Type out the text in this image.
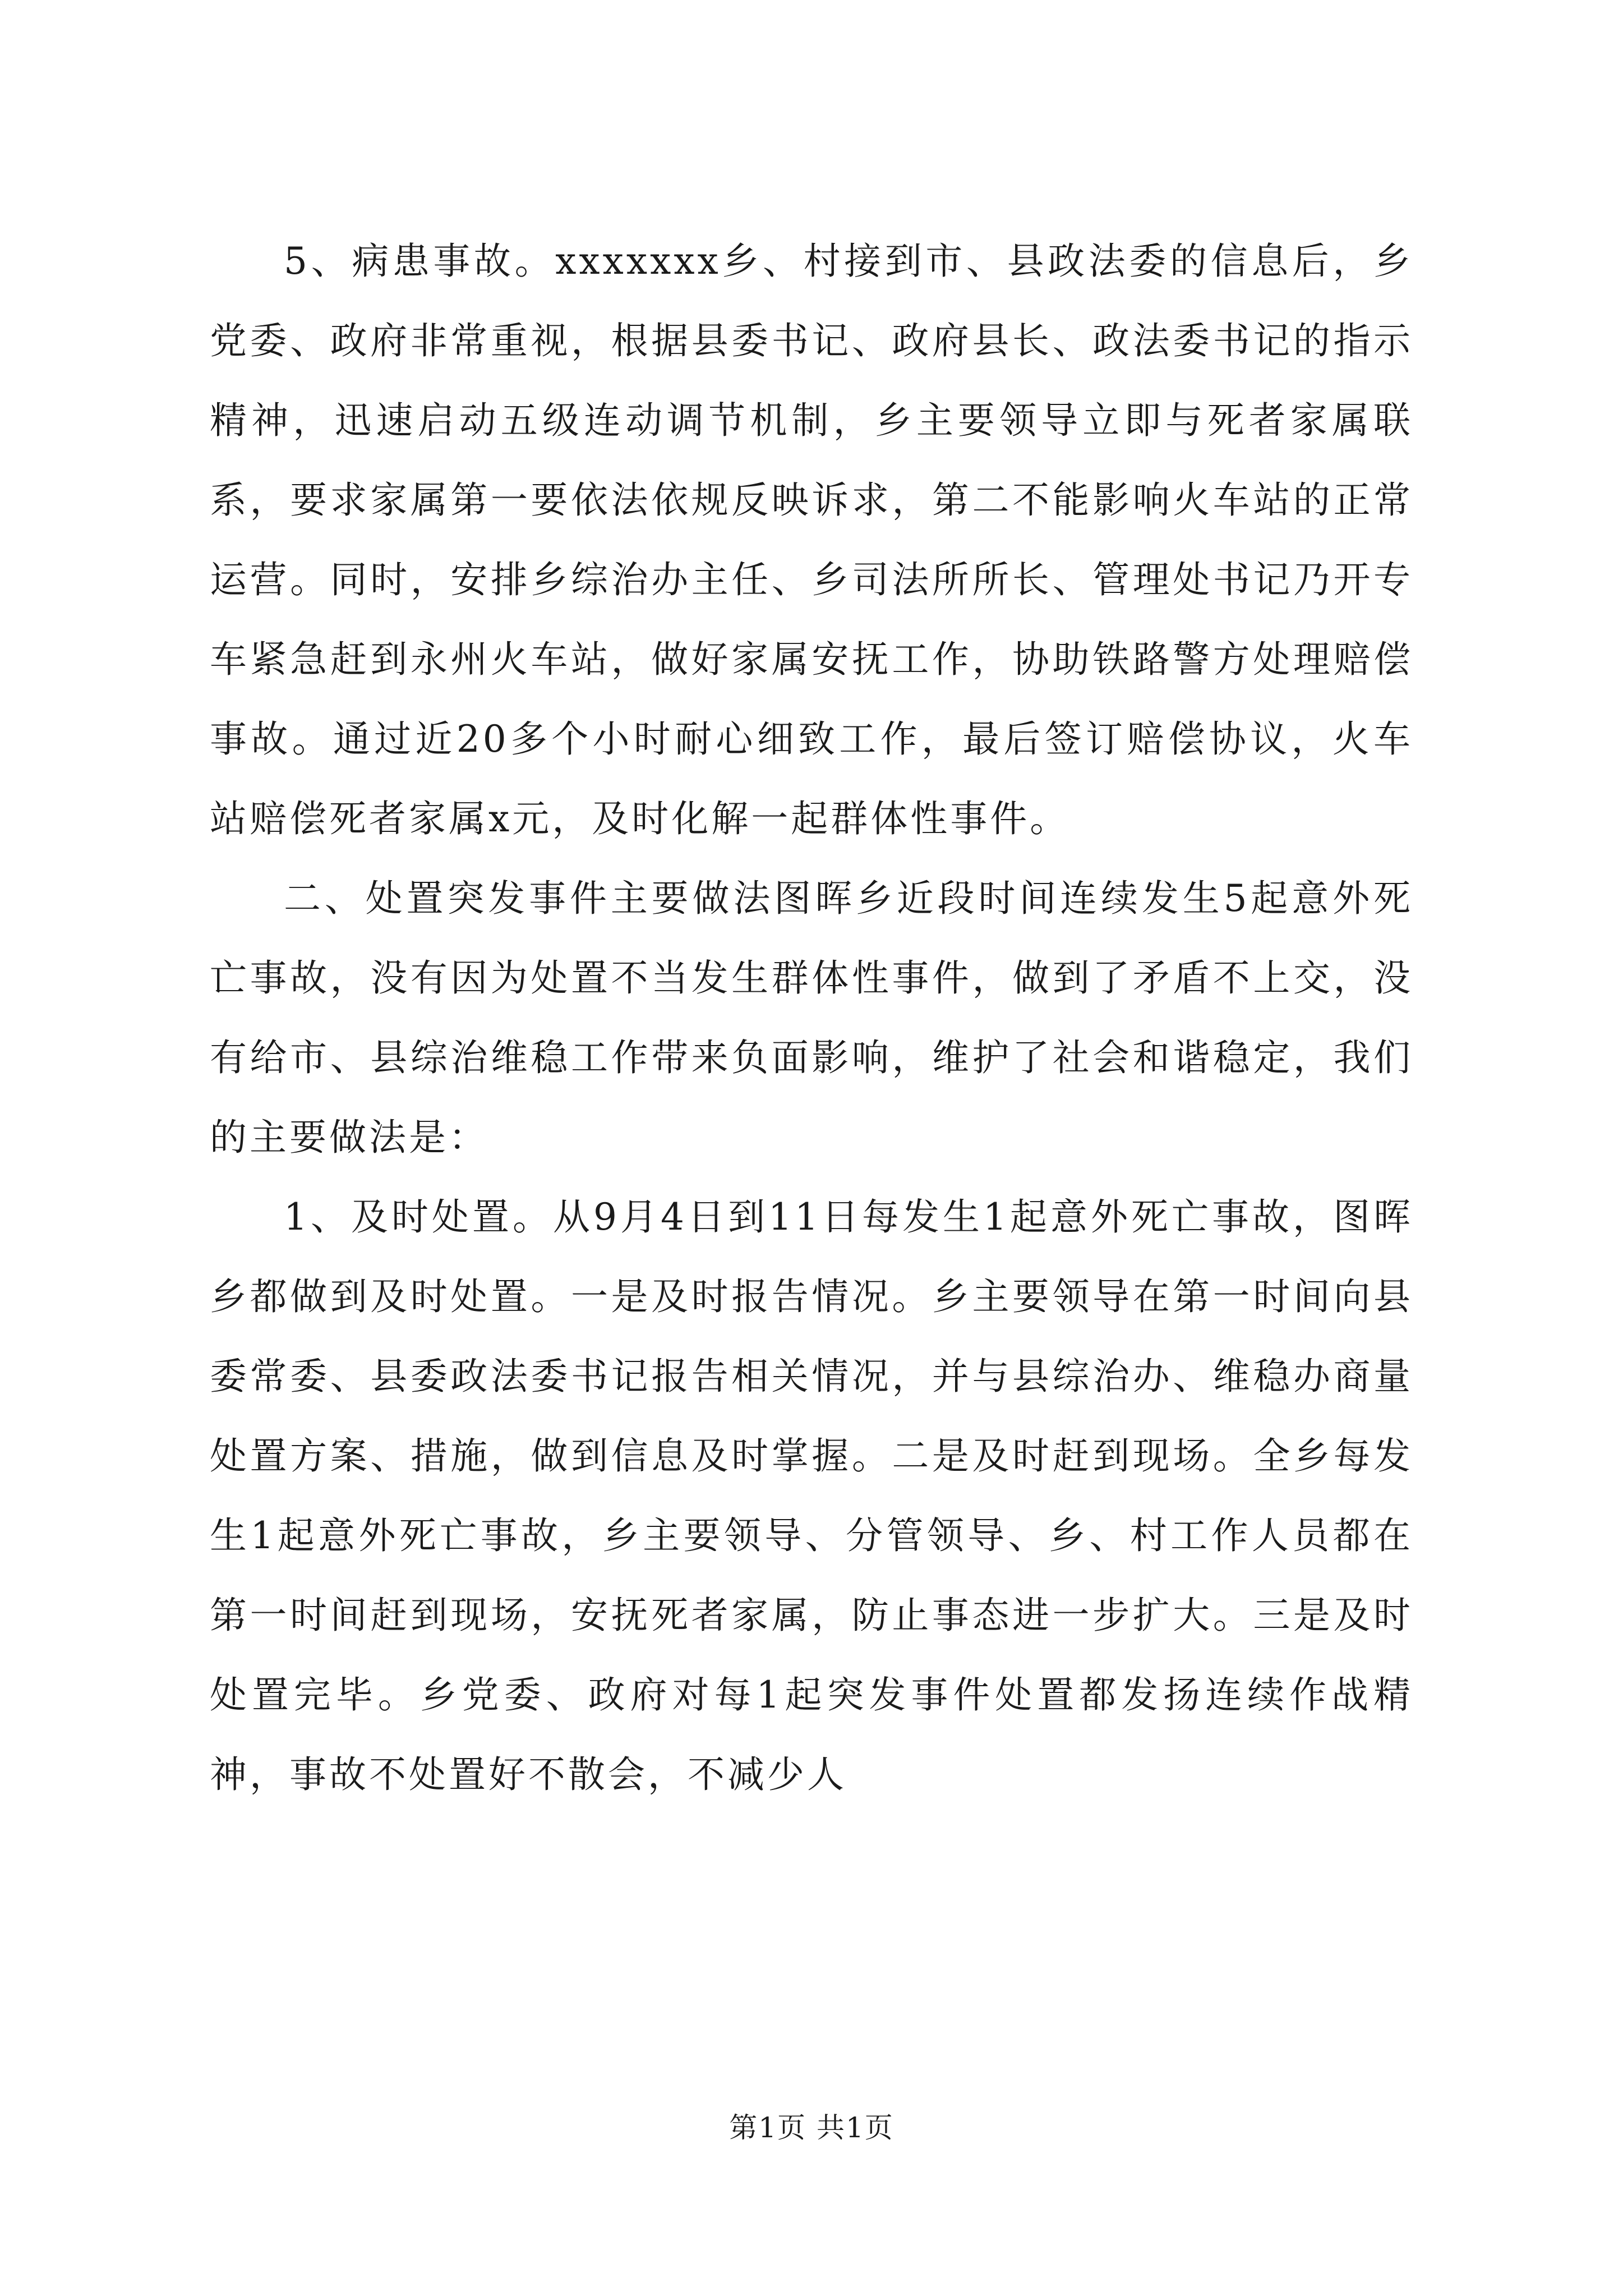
5、病患事故。xxxxxxx乡、村接到市、县政法委的信息后，乡党委、政府非常重视，根据县委书记、政府县长、政法委书记的指示精神，迅速启动五级连动调节机制，乡主要领导立即与死者家属联系，要求家属第一要依法依规反映诉求，第二不能影响火车站的正常运营。同时，安排乡综治办主任、乡司法所所长、管理处书记乃开专车紧急赶到永州火车站，做好家属安抚工作，协助铁路警方处理赔偿事故。通过近20多个小时耐心细致工作，最后签订赔偿协议，火车站赔偿死者家属x元，及时化解一起群体性事件。

二、处置突发事件主要做法图晖乡近段时间连续发生5起意外死亡事故，没有因为处置不当发生群体性事件，做到了矛盾不上交，没有给市、县综治维稳工作带来负面影响，维护了社会和谐稳定，我们的主要做法是：

1、及时处置。从9月4日到11日每发生1起意外死亡事故，图晖乡都做到及时处置。一是及时报告情况。乡主要领导在第一时间向县委常委、县委政法委书记报告相关情况，并与县综治办、维稳办商量处置方案、措施，做到信息及时掌握。二是及时赶到现场。全乡每发生1起意外死亡事故，乡主要领导、分管领导、乡、村工作人员都在第一时间赶到现场，安抚死者家属，防止事态进一步扩大。三是及时处置完毕。乡党委、政府对每1起突发事件处置都发扬连续作战精神，事故不处置好不散会，不减少人

第1页 共1页
